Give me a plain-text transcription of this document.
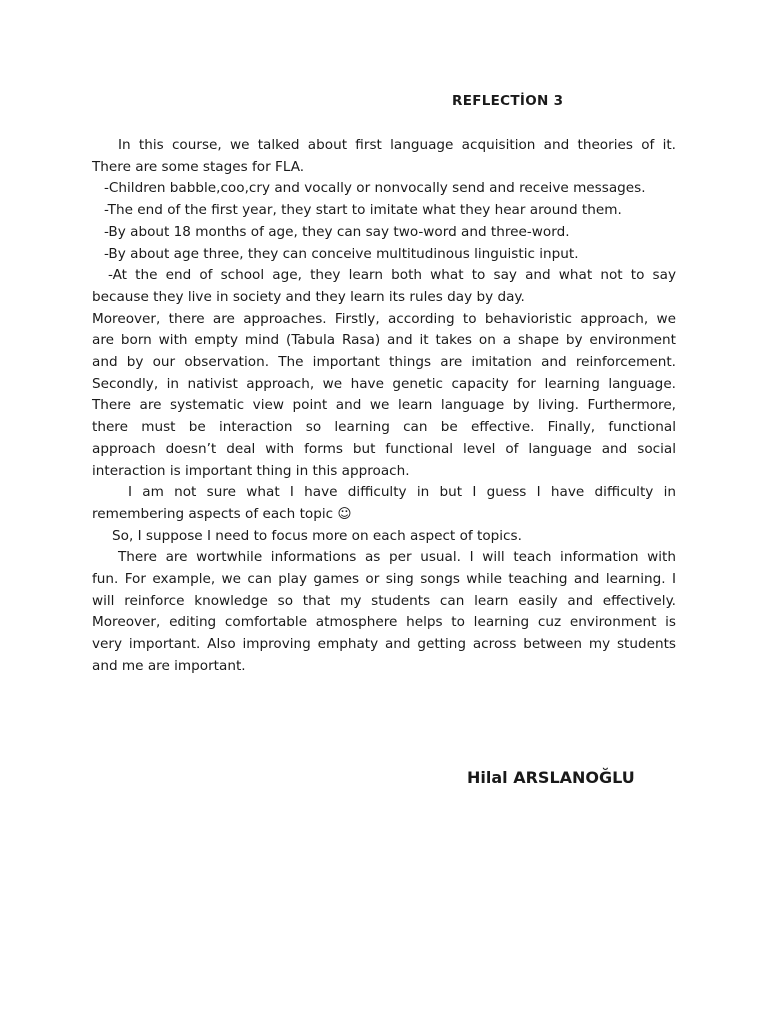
REFLECTİON 3
In this course, we talked about first language acquisition and theories of it.
There are some stages for FLA.
-Children babble,coo,cry and vocally or nonvocally send and receive messages.
-The end of the first year, they start to imitate what they hear around them.
-By about 18 months of age, they can say two-word and three-word.
-By about age three, they can conceive multitudinous linguistic input.
-At the end of school age, they learn both what to say and what not to say
because they live in society and they learn its rules day by day.
Moreover, there are approaches. Firstly, according to behavioristic approach, we
are born with empty mind (Tabula Rasa) and it takes on a shape by environment
and by our observation. The important things are imitation and reinforcement.
Secondly, in nativist approach, we have genetic capacity for learning language.
There are systematic view point and we learn language by living. Furthermore,
there must be interaction so learning can be effective. Finally, functional
approach doesn’t deal with forms but functional level of language and social
interaction is important thing in this approach.
I am not sure what I have difficulty in but I guess I have difficulty in
remembering aspects of each topic ☺
So, I suppose I need to focus more on each aspect of topics.
There are wortwhile informations as per usual. I will teach information with
fun. For example, we can play games or sing songs while teaching and learning. I
will reinforce knowledge so that my students can learn easily and effectively.
Moreover, editing comfortable atmosphere helps to learning cuz environment is
very important. Also improving emphaty and getting across between my students
and me are important.

Hilal ARSLANOĞLU
